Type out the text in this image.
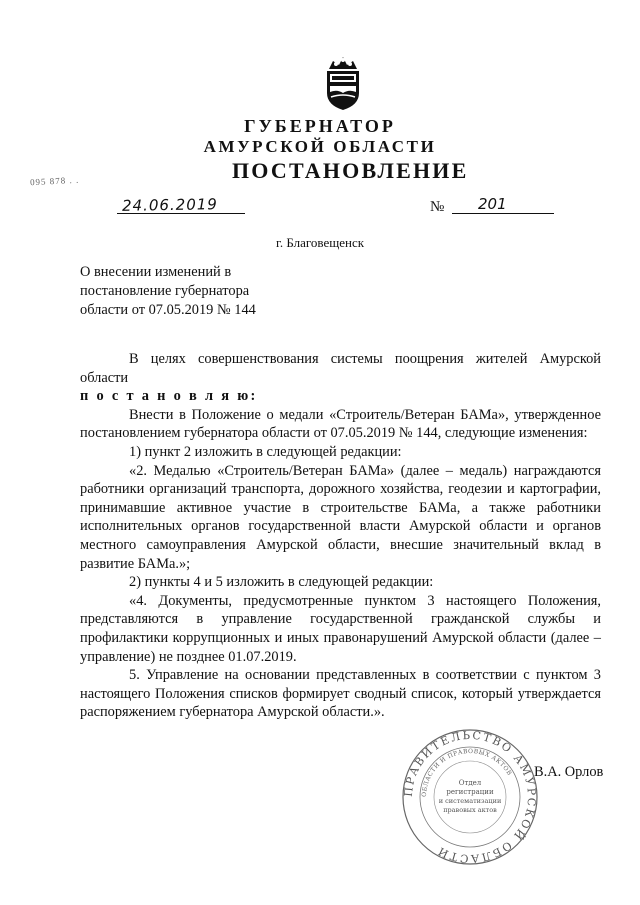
ГУБЕРНАТОР
АМУРСКОЙ ОБЛАСТИ
ПОСТАНОВЛЕНИЕ
095 878 . .
24.06.2019	№ 201
г. Благовещенск
О внесении изменений в
постановление губернатора
области от 07.05.2019 № 144

В целях совершенствования системы поощрения жителей Амурской области

п о с т а н о в л я ю:

Внести в Положение о медали «Строитель/Ветеран БАМа», утвержденное постановлением губернатора области от 07.05.2019 № 144, следующие изменения:

1) пункт 2 изложить в следующей редакции:

«2. Медалью «Строитель/Ветеран БАМа» (далее – медаль) награждаются работники организаций транспорта, дорожного хозяйства, геодезии и картографии, принимавшие активное участие в строительстве БАМа, а также работники исполнительных органов государственной власти Амурской области и органов местного самоуправления Амурской области, внесшие значительный вклад в развитие БАМа.»;

2) пункты 4 и 5 изложить в следующей редакции:

«4. Документы, предусмотренные пунктом 3 настоящего Положения, представляются в управление государственной гражданской службы и профилактики коррупционных и иных правонарушений Амурской области (далее – управление) не позднее 01.07.2019.

5. Управление на основании представленных в соответствии с пунктом 3 настоящего Положения списков формирует сводный список, который утверждается распоряжением губернатора Амурской области.».

ПРАВИТЕЛЬСТВО АМУРСКОЙ ОБЛАСТИ
ОБЛАСТИ И ПРАВОВЫХ АКТОВ
Отдел
регистрации
и систематизации
правовых актов
В.А. Орлов
